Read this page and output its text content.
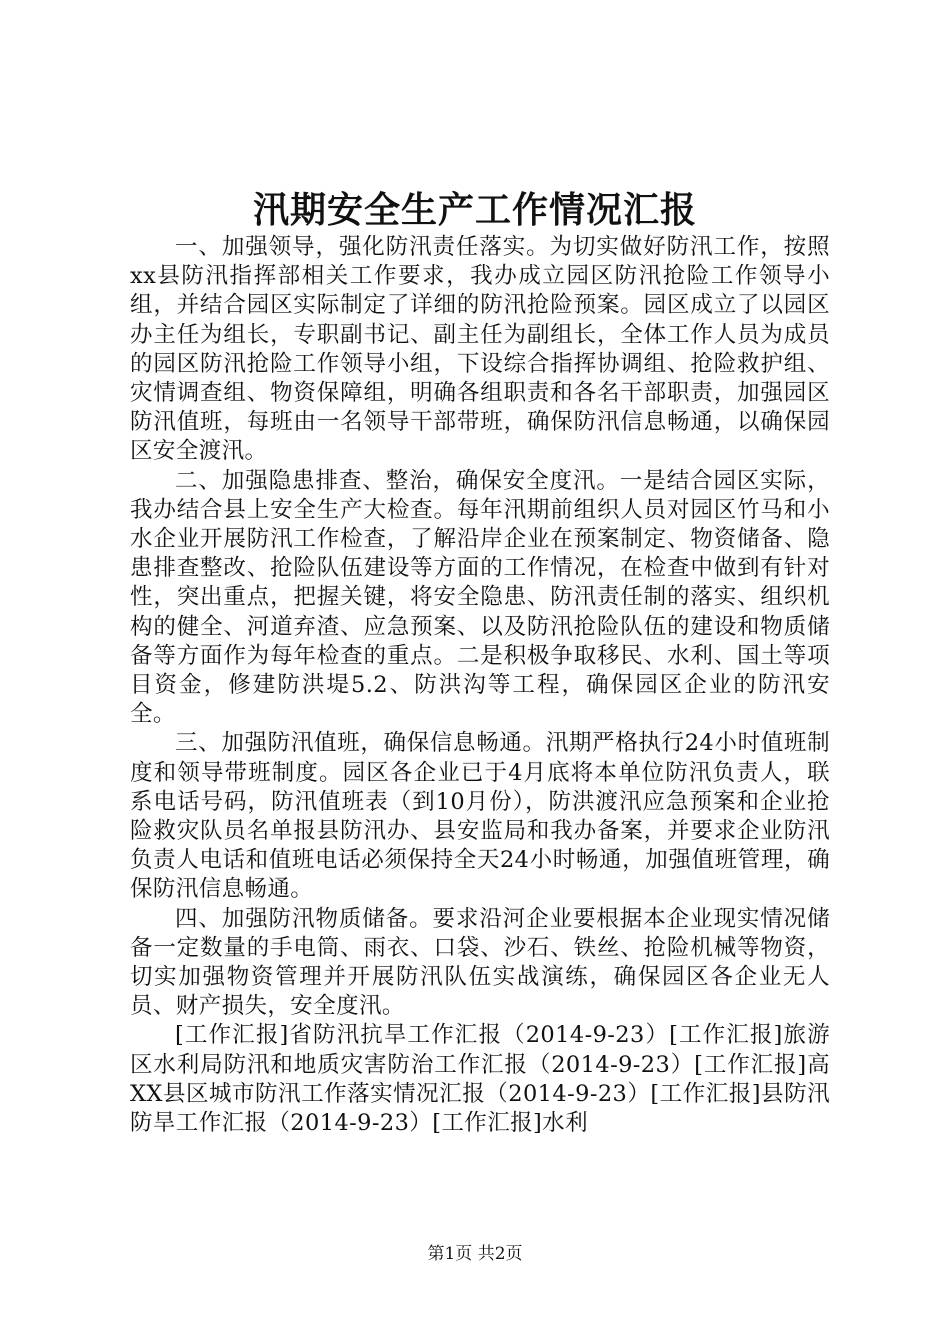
汛期安全生产工作情况汇报

一、加强领导，强化防汛责任落实。为切实做好防汛工作，按照xx县防汛指挥部相关工作要求，我办成立园区防汛抢险工作领导小组，并结合园区实际制定了详细的防汛抢险预案。园区成立了以园区办主任为组长，专职副书记、副主任为副组长，全体工作人员为成员的园区防汛抢险工作领导小组，下设综合指挥协调组、抢险救护组、灾情调查组、物资保障组，明确各组职责和各名干部职责，加强园区防汛值班，每班由一名领导干部带班，确保防汛信息畅通，以确保园区安全渡汛。

二、加强隐患排查、整治，确保安全度汛。一是结合园区实际，我办结合县上安全生产大检查。每年汛期前组织人员对园区竹马和小水企业开展防汛工作检查，了解沿岸企业在预案制定、物资储备、隐患排查整改、抢险队伍建设等方面的工作情况，在检查中做到有针对性，突出重点，把握关键，将安全隐患、防汛责任制的落实、组织机构的健全、河道弃渣、应急预案、以及防汛抢险队伍的建设和物质储备等方面作为每年检查的重点。二是积极争取移民、水利、国土等项目资金，修建防洪堤5.2、防洪沟等工程，确保园区企业的防汛安全。

三、加强防汛值班，确保信息畅通。汛期严格执行24小时值班制度和领导带班制度。园区各企业已于4月底将本单位防汛负责人，联系电话号码，防汛值班表（到10月份），防洪渡汛应急预案和企业抢险救灾队员名单报县防汛办、县安监局和我办备案，并要求企业防汛负责人电话和值班电话必须保持全天24小时畅通，加强值班管理，确保防汛信息畅通。

四、加强防汛物质储备。要求沿河企业要根据本企业现实情况储备一定数量的手电筒、雨衣、口袋、沙石、铁丝、抢险机械等物资，切实加强物资管理并开展防汛队伍实战演练，确保园区各企业无人员、财产损失，安全度汛。

[工作汇报]省防汛抗旱工作汇报（2014-9-23）[工作汇报]旅游区水利局防汛和地质灾害防治工作汇报（2014-9-23）[工作汇报]高XX县区城市防汛工作落实情况汇报（2014-9-23）[工作汇报]县防汛防旱工作汇报（2014-9-23）[工作汇报]水利

第1页 共2页
